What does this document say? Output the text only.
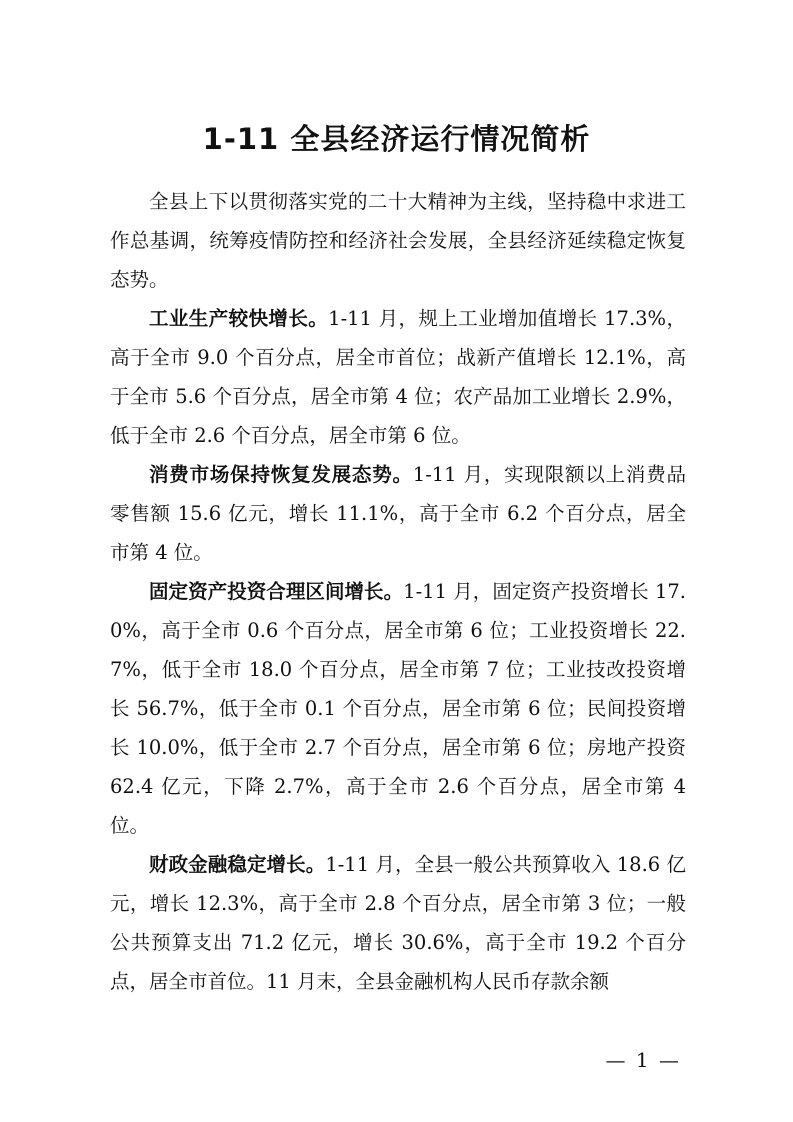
1-11 全县经济运行情况简析

全县上下以贯彻落实党的二十大精神为主线，坚持稳中求进工作总基调，统筹疫情防控和经济社会发展，全县经济延续稳定恢复态势。

工业生产较快增长。1-11 月，规上工业增加值增长 17.3%，高于全市 9.0 个百分点，居全市首位；战新产值增长 12.1%，高于全市 5.6 个百分点，居全市第 4 位；农产品加工业增长 2.9%，低于全市 2.6 个百分点，居全市第 6 位。

消费市场保持恢复发展态势。1-11 月，实现限额以上消费品零售额 15.6 亿元，增长 11.1%，高于全市 6.2 个百分点，居全市第 4 位。

固定资产投资合理区间增长。1-11 月，固定资产投资增长 17.0%，高于全市 0.6 个百分点，居全市第 6 位；工业投资增长 22.7%，低于全市 18.0 个百分点，居全市第 7 位；工业技改投资增长 56.7%，低于全市 0.1 个百分点，居全市第 6 位；民间投资增长 10.0%，低于全市 2.7 个百分点，居全市第 6 位；房地产投资 62.4 亿元，下降 2.7%，高于全市 2.6 个百分点，居全市第 4 位。

财政金融稳定增长。1-11 月，全县一般公共预算收入 18.6 亿元，增长 12.3%，高于全市 2.8 个百分点，居全市第 3 位；一般公共预算支出 71.2 亿元，增长 30.6%，高于全市 19.2 个百分点，居全市首位。11 月末，全县金融机构人民币存款余额

— 1 —
